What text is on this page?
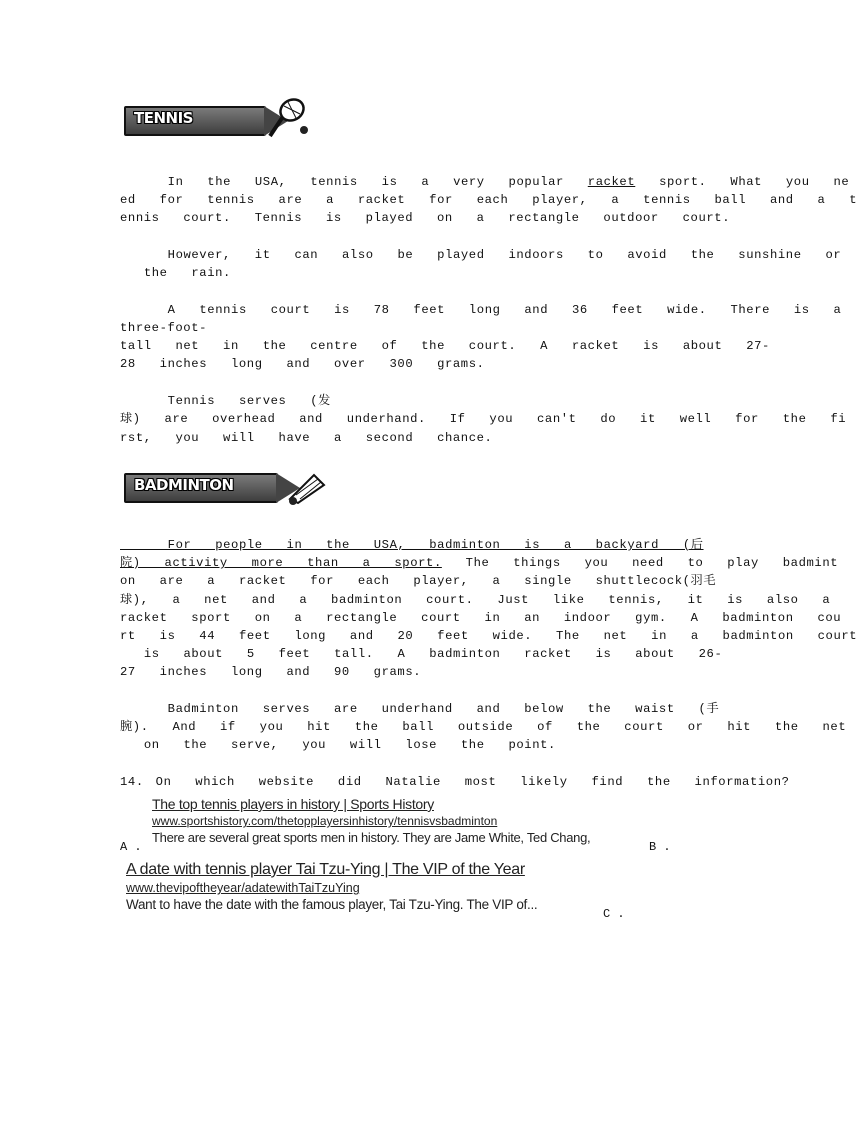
TENNIS
In  the  USA,  tennis  is  a  very  popular  racket  sport.  What  you  ne
ed  for  tennis  are  a  racket  for  each  player,  a  tennis  ball  and  a  t
ennis  court.  Tennis  is  played  on  a  rectangle  outdoor  court.
However,  it  can  also  be  played  indoors  to  avoid  the  sunshine  or
the  rain.
A  tennis  court  is  78  feet  long  and  36  feet  wide.  There  is  a
three-foot-
tall  net  in  the  centre  of  the  court.  A  racket  is  about  27-
28  inches  long  and  over  300  grams.
Tennis  serves  (发
球)  are  overhead  and  underhand.  If  you  can't  do  it  well  for  the  fi
rst,  you  will  have  a  second  chance.
BADMINTON
For  people  in  the  USA,  badminton  is  a  backyard  (后
院)  activity  more  than  a  sport.  The  things  you  need  to  play  badmint
on  are  a  racket  for  each  player,  a  single  shuttlecock(羽毛
球),  a  net  and  a  badminton  court.  Just  like  tennis,  it  is  also  a
racket  sport  on  a  rectangle  court  in  an  indoor  gym.  A  badminton  cou
rt  is  44  feet  long  and  20  feet  wide.  The  net  in  a  badminton  court
is  about  5  feet  tall.  A  badminton  racket  is  about  26-
27  inches  long  and  90  grams.
Badminton  serves  are  underhand  and  below  the  waist  (手
腕).  And  if  you  hit  the  ball  outside  of  the  court  or  hit  the  net
on  the  serve,  you  will  lose  the  point.
14. On  which  website  did  Natalie  most  likely  find  the  information?
The top tennis players in history | Sports History
www.sportshistory.com/thetopplayersinhistory/tennisvsbadminton
There are several great sports men in history. They are Jame White, Ted Chang,
A .	B .
A date with tennis player Tai Tzu-Ying | The VIP of the Year
www.thevipoftheyear/adatewithTaiTzuYing
Want to have the date with the famous player, Tai Tzu-Ying. The VIP of...
C .
